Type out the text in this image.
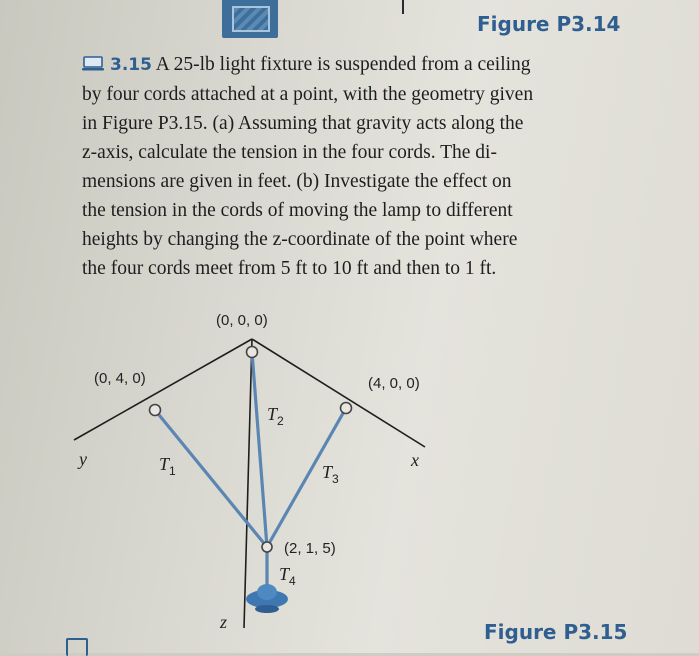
Figure P3.14
3.15 A 25-lb light fixture is suspended from a ceiling
by four cords attached at a point, with the geometry given
in Figure P3.15. (a) Assuming that gravity acts along the
z-axis, calculate the tension in the four cords. The di-
mensions are given in feet. (b) Investigate the effect on
the tension in the cords of moving the lamp to different
heights by changing the z-coordinate of the point where
the four cords meet from 5 ft to 10 ft and then to 1 ft.
(0, 0, 0)
(0, 4, 0)	(4, 0, 0)
(2, 1, 5)
y	x
z
$T_1$
$T_2$
$T_3$
$T_4$
Figure P3.15
